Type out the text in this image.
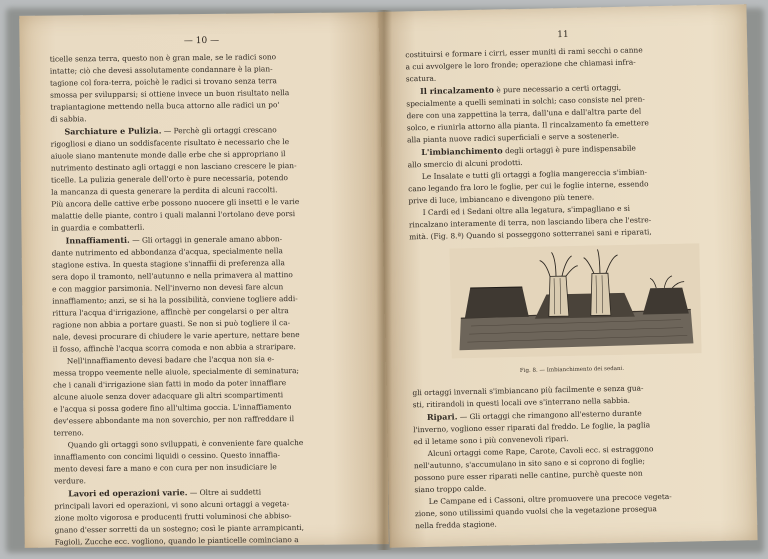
— 10 —
ticelle senza terra, questo non è gran male, se le radici sono
intatte; ciò che devesi assolutamente condannare è la pian-
tagione col fora-terra, poichè le radici si trovano senza terra
smossa per svilupparsi; si ottiene invece un buon risultato nella
trapiantagione mettendo nella buca attorno alle radici un po'
di sabbia.
Sarchiature e Pulizia. — Perchè gli ortaggi crescano
rigogliosi e diano un soddisfacente risultato è necessario che le
aiuole siano mantenute monde dalle erbe che si appropriano il
nutrimento destinato agli ortaggi e non lasciano crescere le pian-
ticelle. La pulizia generale dell'orto è pure necessaria, potendo
la mancanza di questa generare la perdita di alcuni raccolti.
Più ancora delle cattive erbe possono nuocere gli insetti e le varie
malattie delle piante, contro i quali malanni l'ortolano deve porsi
in guardia e combatterli.
Innaffiamenti. — Gli ortaggi in generale amano abbon-
dante nutrimento ed abbondanza d'acqua, specialmente nella
stagione estiva. In questa stagione s'innaffii di preferenza alla
sera dopo il tramonto, nell'autunno e nella primavera al mattino
e con maggior parsimonia. Nell'inverno non devesi fare alcun
innaffiamento; anzi, se si ha la possibilità, conviene togliere addi-
rittura l'acqua d'irrigazione, affinchè per congelarsi o per altra
ragione non abbia a portare guasti. Se non si può togliere il ca-
nale, devesi procurare di chiudere le varie aperture, nettare bene
il fosso, affinchè l'acqua scorra comoda e non abbia a straripare.
Nell'innaffiamento devesi badare che l'acqua non sia e-
messa troppo veemente nelle aiuole, specialmente di seminatura;
che i canali d'irrigazione sian fatti in modo da poter innaffiare
alcune aiuole senza dover adacquare gli altri scompartimenti
e l'acqua si possa godere fino all'ultima goccia. L'innaffiamento
dev'essere abbondante ma non soverchio, per non raffreddare il
terreno.
Quando gli ortaggi sono sviluppati, è conveniente fare qualche
innaffiamento con concimi liquidi o cessino. Questo innaffia-
mento devesi fare a mano e con cura per non insudiciare le
verdure.
Lavori ed operazioni varie. — Oltre ai suddetti
principali lavori ed operazioni, vi sono alcuni ortaggi a vegeta-
zione molto vigorosa e producenti frutti voluminosi che abbiso-
gnano d'esser sorretti da un sostegno; così le piante arrampicanti,
Fagioli, Zucche ecc. vogliono, quando le pianticelle cominciano a
11
costituirsi e formare i cirri, esser muniti di rami secchi o canne
a cui avvolgere le loro fronde; operazione che chiamasi infra-
scatura.
Il rincalzamento è pure necessario a certi ortaggi,
specialmente a quelli seminati in solchi; caso consiste nel pren-
dere con una zappettina la terra, dall'una e dall'altra parte del
solco, e riunirla attorno alla pianta. Il rincalzamento fa emettere
alla pianta nuove radici superficiali e serve a sostenerle.
L'imbianchimento degli ortaggi è pure indispensabile
allo smercio di alcuni prodotti.
Le Insalate e tutti gli ortaggi a foglia mangereccia s'imbian-
cano legando fra loro le foglie, per cui le foglie interne, essendo
prive di luce, imbiancano e divengono più tenere.
I Cardi ed i Sedani oltre alla legatura, s'impagliano e si
rincalzano interamente di terra, non lasciando libera che l'estre-
mità. (Fig. 8.ª) Quando si posseggono sotterranei sani e riparati,
Fig. 8. — Imbianchimento dei sedani.
gli ortaggi invernali s'imbiancano più facilmente e senza gua-
sti, ritirandoli in questi locali ove s'interrano nella sabbia.
Ripari. — Gli ortaggi che rimangono all'esterno durante
l'inverno, vogliono esser riparati dal freddo. Le foglie, la paglia
ed il letame sono i più convenevoli ripari.
Alcuni ortaggi come Rape, Carote, Cavoli ecc. si estraggono
nell'autunno, s'accumulano in sito sano e si coprono di foglie;
possono pure esser riparati nelle cantine, purchè queste non
siano troppo calde.
Le Campane ed i Cassoni, oltre promuovere una precoce vegeta-
zione, sono utilissimi quando vuolsi che la vegetazione prosegua
nella fredda stagione.
